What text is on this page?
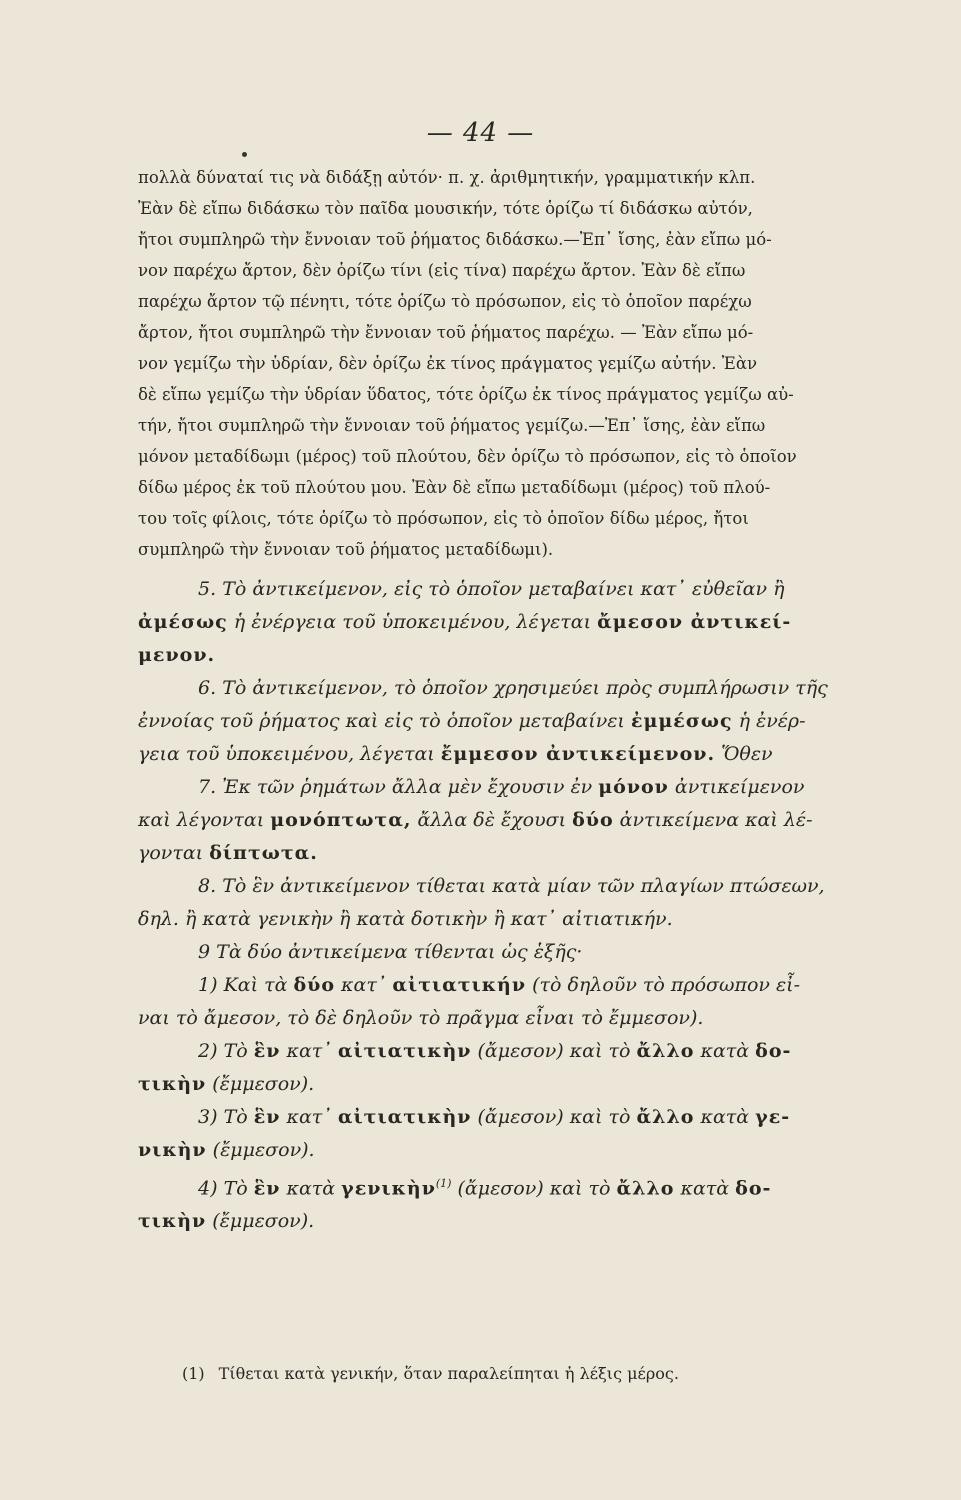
— 44 —

πολλὰ δύναταί τις νὰ διδάξῃ αὐτόν· π. χ. ἀριθμητικήν, γραμματικήν κλπ.

Ἐὰν δὲ εἴπω διδάσκω τὸν παῖδα μουσικήν, τότε ὁρίζω τί διδάσκω αὐτόν,

ἤτοι συμπληρῶ τὴν ἔννοιαν τοῦ ῥήματος διδάσκω.—Ἐπ᾽ ἴσης, ἐὰν εἴπω μό-

νον παρέχω ἄρτον, δὲν ὁρίζω τίνι (εἰς τίνα) παρέχω ἄρτον. Ἐὰν δὲ εἴπω

παρέχω ἄρτον τῷ πένητι, τότε ὁρίζω τὸ πρόσωπον, εἰς τὸ ὁποῖον παρέχω

ἄρτον, ἤτοι συμπληρῶ τὴν ἔννοιαν τοῦ ῥήματος παρέχω. — Ἐὰν εἴπω μό-

νον γεμίζω τὴν ὑδρίαν, δὲν ὁρίζω ἐκ τίνος πράγματος γεμίζω αὐτήν. Ἐὰν

δὲ εἴπω γεμίζω τὴν ὑδρίαν ὕδατος, τότε ὁρίζω ἐκ τίνος πράγματος γεμίζω αὐ-

τήν, ἤτοι συμπληρῶ τὴν ἔννοιαν τοῦ ῥήματος γεμίζω.—Ἐπ᾽ ἴσης, ἐὰν εἴπω

μόνον μεταδίδωμι (μέρος) τοῦ πλούτου, δὲν ὁρίζω τὸ πρόσωπον, εἰς τὸ ὁποῖον

δίδω μέρος ἐκ τοῦ πλούτου μου. Ἐὰν δὲ εἴπω μεταδίδωμι (μέρος) τοῦ πλού-

του τοῖς φίλοις, τότε ὁρίζω τὸ πρόσωπον, εἰς τὸ ὁποῖον δίδω μέρος, ἤτοι

συμπληρῶ τὴν ἔννοιαν τοῦ ῥήματος μεταδίδωμι).

5. Τὸ ἀντικείμενον, εἰς τὸ ὁποῖον μεταβαίνει κατ᾽ εὐθεῖαν ἢ

ἀμέσως ἡ ἐνέργεια τοῦ ὑποκειμένου, λέγεται ἄμεσον ἀντικεί-

μενον.

6. Τὸ ἀντικείμενον, τὸ ὁποῖον χρησιμεύει πρὸς συμπλήρωσιν τῆς

ἐννοίας τοῦ ῥήματος καὶ εἰς τὸ ὁποῖον μεταβαίνει ἐμμέσως ἡ ἐνέρ-

γεια τοῦ ὑποκειμένου, λέγεται ἔμμεσον ἀντικείμενον. Ὅθεν

7. Ἐκ τῶν ῥημάτων ἄλλα μὲν ἔχουσιν ἐν μόνον ἀντικείμενον

καὶ λέγονται μονόπτωτα, ἄλλα δὲ ἔχουσι δύο ἀντικείμενα καὶ λέ-

γονται δίπτωτα.

8. Τὸ ἓν ἀντικείμενον τίθεται κατὰ μίαν τῶν πλαγίων πτώσεων,

δηλ. ἢ κατὰ γενικὴν ἢ κατὰ δοτικὴν ἢ κατ᾽ αἰτιατικήν.

9 Τὰ δύο ἀντικείμενα τίθενται ὡς ἑξῆς·

1) Καὶ τὰ δύο κατ᾽ αἰτιατικήν (τὸ δηλοῦν τὸ πρόσωπον εἶ-

ναι τὸ ἄμεσον, τὸ δὲ δηλοῦν τὸ πρᾶγμα εἶναι τὸ ἔμμεσον).

2) Τὸ ἓν κατ᾽ αἰτιατικὴν (ἄμεσον) καὶ τὸ ἄλλο κατὰ δο-

τικὴν (ἔμμεσον).

3) Τὸ ἓν κατ᾽ αἰτιατικὴν (ἄμεσον) καὶ τὸ ἄλλο κατὰ γε-

νικὴν (ἔμμεσον).

4) Τὸ ἓν κατὰ γενικὴν$^{(1)}$ (ἄμεσον) καὶ τὸ ἄλλο κατὰ δο-

τικὴν (ἔμμεσον).

(1) Τίθεται κατὰ γενικήν, ὅταν παραλείπηται ἡ λέξις μέρος.
